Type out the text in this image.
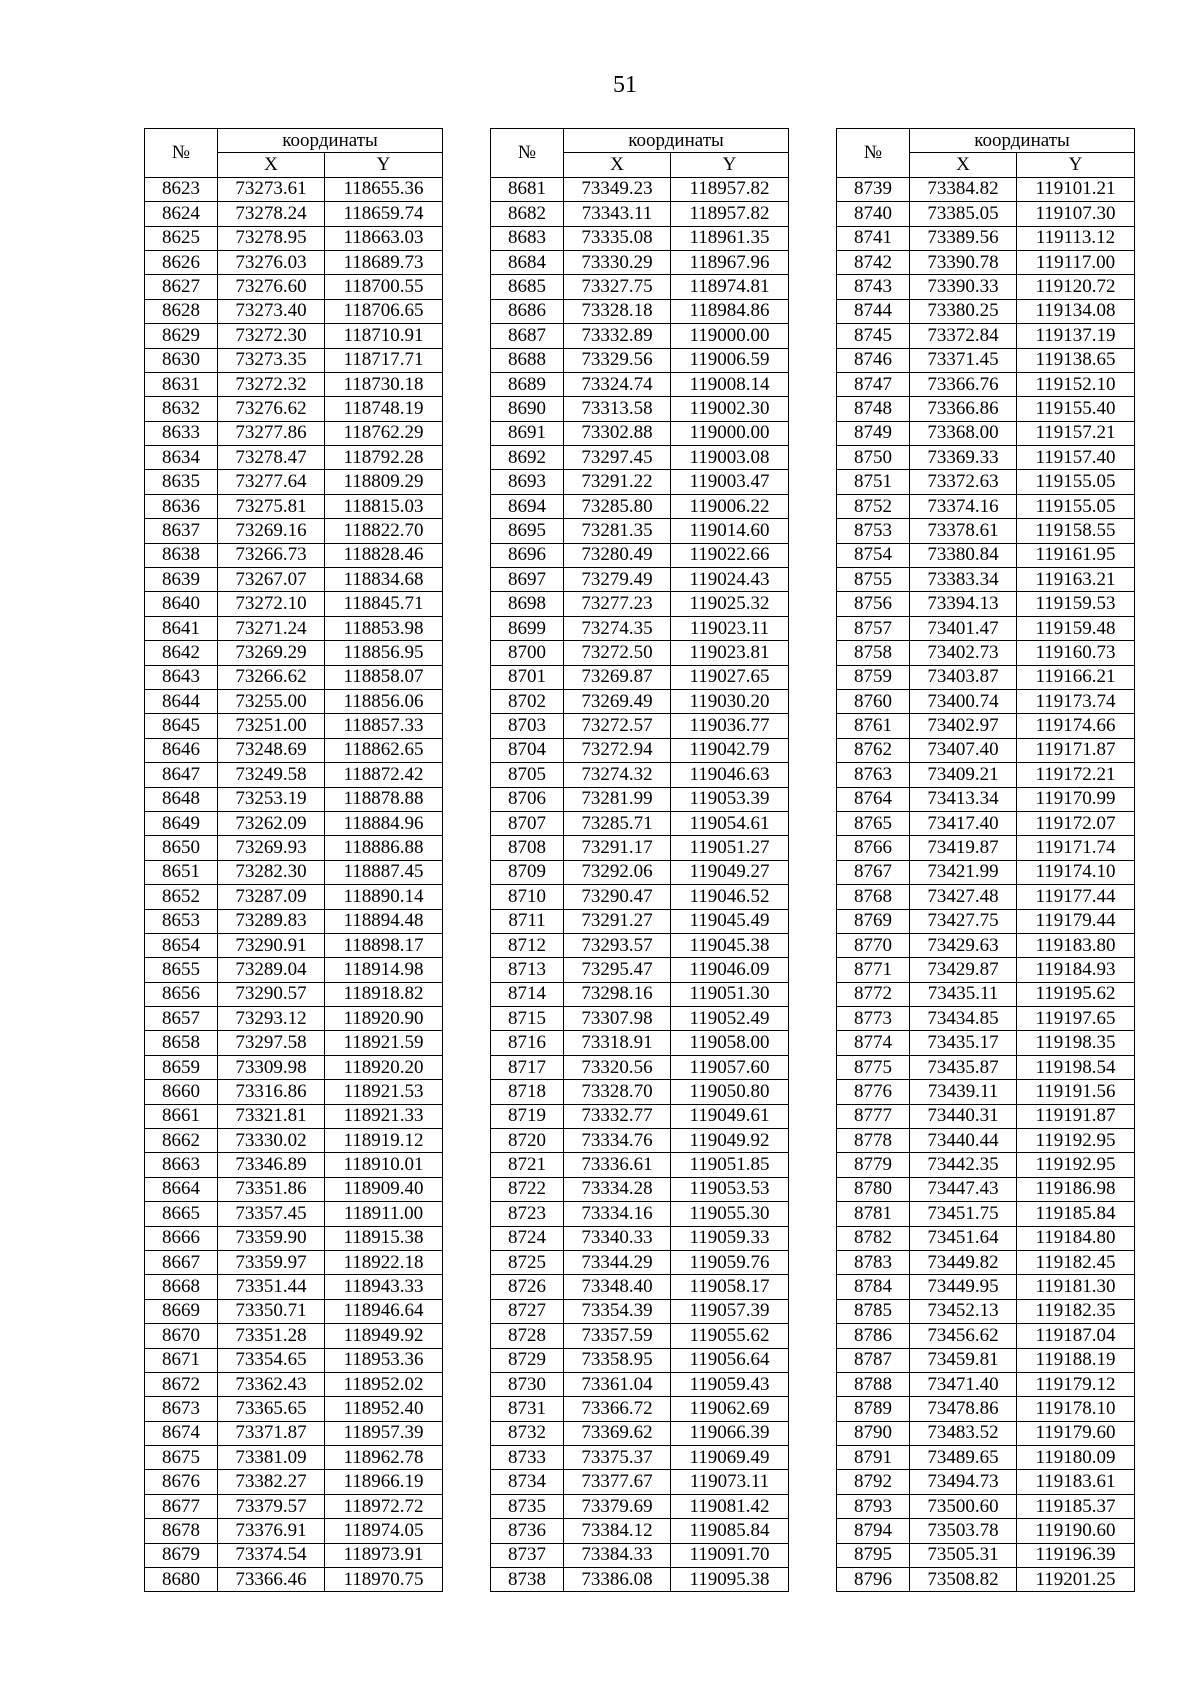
51
№	координаты	
	X	Y
8623	73273.61	118655.36
8624	73278.24	118659.74
8625	73278.95	118663.03
8626	73276.03	118689.73
8627	73276.60	118700.55
8628	73273.40	118706.65
8629	73272.30	118710.91
8630	73273.35	118717.71
8631	73272.32	118730.18
8632	73276.62	118748.19
8633	73277.86	118762.29
8634	73278.47	118792.28
8635	73277.64	118809.29
8636	73275.81	118815.03
8637	73269.16	118822.70
8638	73266.73	118828.46
8639	73267.07	118834.68
8640	73272.10	118845.71
8641	73271.24	118853.98
8642	73269.29	118856.95
8643	73266.62	118858.07
8644	73255.00	118856.06
8645	73251.00	118857.33
8646	73248.69	118862.65
8647	73249.58	118872.42
8648	73253.19	118878.88
8649	73262.09	118884.96
8650	73269.93	118886.88
8651	73282.30	118887.45
8652	73287.09	118890.14
8653	73289.83	118894.48
8654	73290.91	118898.17
8655	73289.04	118914.98
8656	73290.57	118918.82
8657	73293.12	118920.90
8658	73297.58	118921.59
8659	73309.98	118920.20
8660	73316.86	118921.53
8661	73321.81	118921.33
8662	73330.02	118919.12
8663	73346.89	118910.01
8664	73351.86	118909.40
8665	73357.45	118911.00
8666	73359.90	118915.38
8667	73359.97	118922.18
8668	73351.44	118943.33
8669	73350.71	118946.64
8670	73351.28	118949.92
8671	73354.65	118953.36
8672	73362.43	118952.02
8673	73365.65	118952.40
8674	73371.87	118957.39
8675	73381.09	118962.78
8676	73382.27	118966.19
8677	73379.57	118972.72
8678	73376.91	118974.05
8679	73374.54	118973.91
8680	73366.46	118970.75
№	координаты	
	X	Y
8681	73349.23	118957.82
8682	73343.11	118957.82
8683	73335.08	118961.35
8684	73330.29	118967.96
8685	73327.75	118974.81
8686	73328.18	118984.86
8687	73332.89	119000.00
8688	73329.56	119006.59
8689	73324.74	119008.14
8690	73313.58	119002.30
8691	73302.88	119000.00
8692	73297.45	119003.08
8693	73291.22	119003.47
8694	73285.80	119006.22
8695	73281.35	119014.60
8696	73280.49	119022.66
8697	73279.49	119024.43
8698	73277.23	119025.32
8699	73274.35	119023.11
8700	73272.50	119023.81
8701	73269.87	119027.65
8702	73269.49	119030.20
8703	73272.57	119036.77
8704	73272.94	119042.79
8705	73274.32	119046.63
8706	73281.99	119053.39
8707	73285.71	119054.61
8708	73291.17	119051.27
8709	73292.06	119049.27
8710	73290.47	119046.52
8711	73291.27	119045.49
8712	73293.57	119045.38
8713	73295.47	119046.09
8714	73298.16	119051.30
8715	73307.98	119052.49
8716	73318.91	119058.00
8717	73320.56	119057.60
8718	73328.70	119050.80
8719	73332.77	119049.61
8720	73334.76	119049.92
8721	73336.61	119051.85
8722	73334.28	119053.53
8723	73334.16	119055.30
8724	73340.33	119059.33
8725	73344.29	119059.76
8726	73348.40	119058.17
8727	73354.39	119057.39
8728	73357.59	119055.62
8729	73358.95	119056.64
8730	73361.04	119059.43
8731	73366.72	119062.69
8732	73369.62	119066.39
8733	73375.37	119069.49
8734	73377.67	119073.11
8735	73379.69	119081.42
8736	73384.12	119085.84
8737	73384.33	119091.70
8738	73386.08	119095.38
№	координаты	
	X	Y
8739	73384.82	119101.21
8740	73385.05	119107.30
8741	73389.56	119113.12
8742	73390.78	119117.00
8743	73390.33	119120.72
8744	73380.25	119134.08
8745	73372.84	119137.19
8746	73371.45	119138.65
8747	73366.76	119152.10
8748	73366.86	119155.40
8749	73368.00	119157.21
8750	73369.33	119157.40
8751	73372.63	119155.05
8752	73374.16	119155.05
8753	73378.61	119158.55
8754	73380.84	119161.95
8755	73383.34	119163.21
8756	73394.13	119159.53
8757	73401.47	119159.48
8758	73402.73	119160.73
8759	73403.87	119166.21
8760	73400.74	119173.74
8761	73402.97	119174.66
8762	73407.40	119171.87
8763	73409.21	119172.21
8764	73413.34	119170.99
8765	73417.40	119172.07
8766	73419.87	119171.74
8767	73421.99	119174.10
8768	73427.48	119177.44
8769	73427.75	119179.44
8770	73429.63	119183.80
8771	73429.87	119184.93
8772	73435.11	119195.62
8773	73434.85	119197.65
8774	73435.17	119198.35
8775	73435.87	119198.54
8776	73439.11	119191.56
8777	73440.31	119191.87
8778	73440.44	119192.95
8779	73442.35	119192.95
8780	73447.43	119186.98
8781	73451.75	119185.84
8782	73451.64	119184.80
8783	73449.82	119182.45
8784	73449.95	119181.30
8785	73452.13	119182.35
8786	73456.62	119187.04
8787	73459.81	119188.19
8788	73471.40	119179.12
8789	73478.86	119178.10
8790	73483.52	119179.60
8791	73489.65	119180.09
8792	73494.73	119183.61
8793	73500.60	119185.37
8794	73503.78	119190.60
8795	73505.31	119196.39
8796	73508.82	119201.25
